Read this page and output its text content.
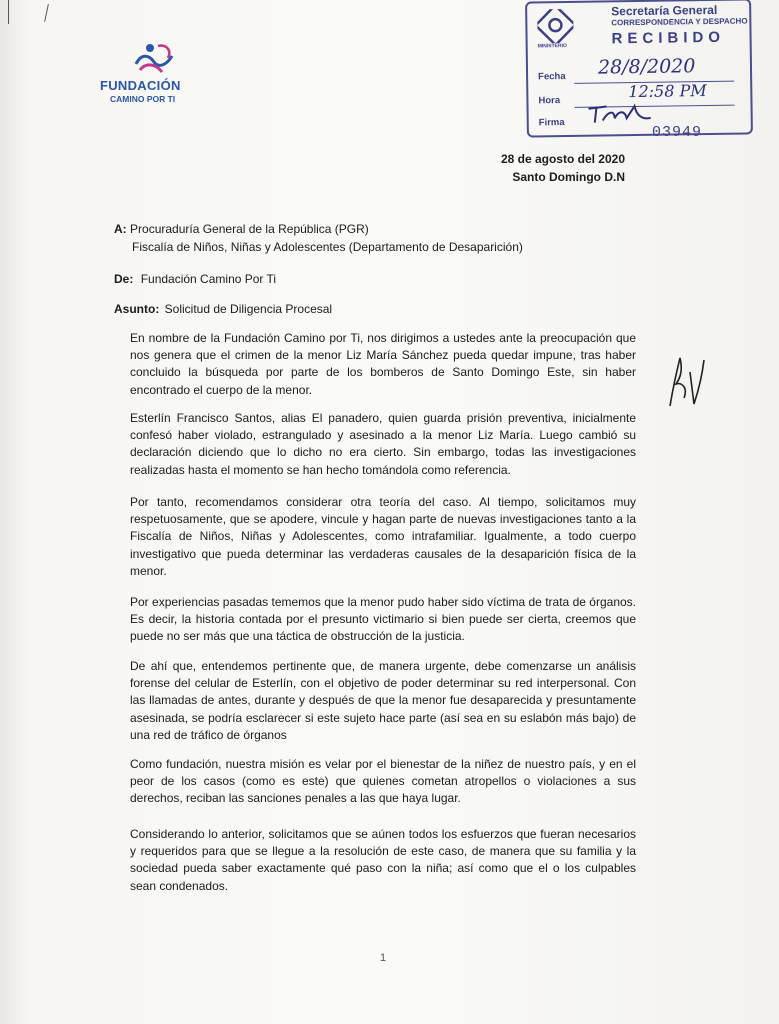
FUNDACIÓN
CAMINO POR TI
MINISTERIO
Secretaría General
CORRESPONDENCIA Y DESPACHO
RECIBIDO
Fecha 28/8/2020
Hora	12:58 PM
Firma
03949
28 de agosto del 2020
Santo Domingo D.N
A: Procuraduría General de la República (PGR)
Fiscalía de Niños, Niñas y Adolescentes (Departamento de Desaparición)
De: Fundación Camino Por Ti
Asunto: Solicitud de Diligencia Procesal
En nombre de la Fundación Camino por Ti, nos dirigimos a ustedes ante la preocupación que nos genera que el crimen de la menor Liz María Sánchez pueda quedar impune, tras haber concluido la búsqueda por parte de los bomberos de Santo Domingo Este, sin haber encontrado el cuerpo de la menor.
Esterlín Francisco Santos, alias El panadero, quien guarda prisión preventiva, inicialmente confesó haber violado, estrangulado y asesinado a la menor Liz María. Luego cambió su declaración diciendo que lo dicho no era cierto. Sin embargo, todas las investigaciones realizadas hasta el momento se han hecho tomándola como referencia.
Por tanto, recomendamos considerar otra teoría del caso. Al tiempo, solicitamos muy respetuosamente, que se apodere, vincule y hagan parte de nuevas investigaciones tanto a la Fiscalía de Niños, Niñas y Adolescentes, como intrafamiliar. Igualmente, a todo cuerpo investigativo que pueda determinar las verdaderas causales de la desaparición física de la menor.
Por experiencias pasadas tememos que la menor pudo haber sido víctima de trata de órganos. Es decir, la historia contada por el presunto victimario si bien puede ser cierta, creemos que puede no ser más que una táctica de obstrucción de la justicia.
De ahí que, entendemos pertinente que, de manera urgente, debe comenzarse un análisis forense del celular de Esterlín, con el objetivo de poder determinar su red interpersonal. Con las llamadas de antes, durante y después de que la menor fue desaparecida y presuntamente asesinada, se podría esclarecer si este sujeto hace parte (así sea en su eslabón más bajo) de una red de tráfico de órganos
Como fundación, nuestra misión es velar por el bienestar de la niñez de nuestro país, y en el peor de los casos (como es este) que quienes cometan atropellos o violaciones a sus derechos, reciban las sanciones penales a las que haya lugar.
Considerando lo anterior, solicitamos que se aúnen todos los esfuerzos que fueran necesarios y requeridos para que se llegue a la resolución de este caso, de manera que su familia y la sociedad pueda saber exactamente qué paso con la niña; así como que el o los culpables sean condenados.
1
